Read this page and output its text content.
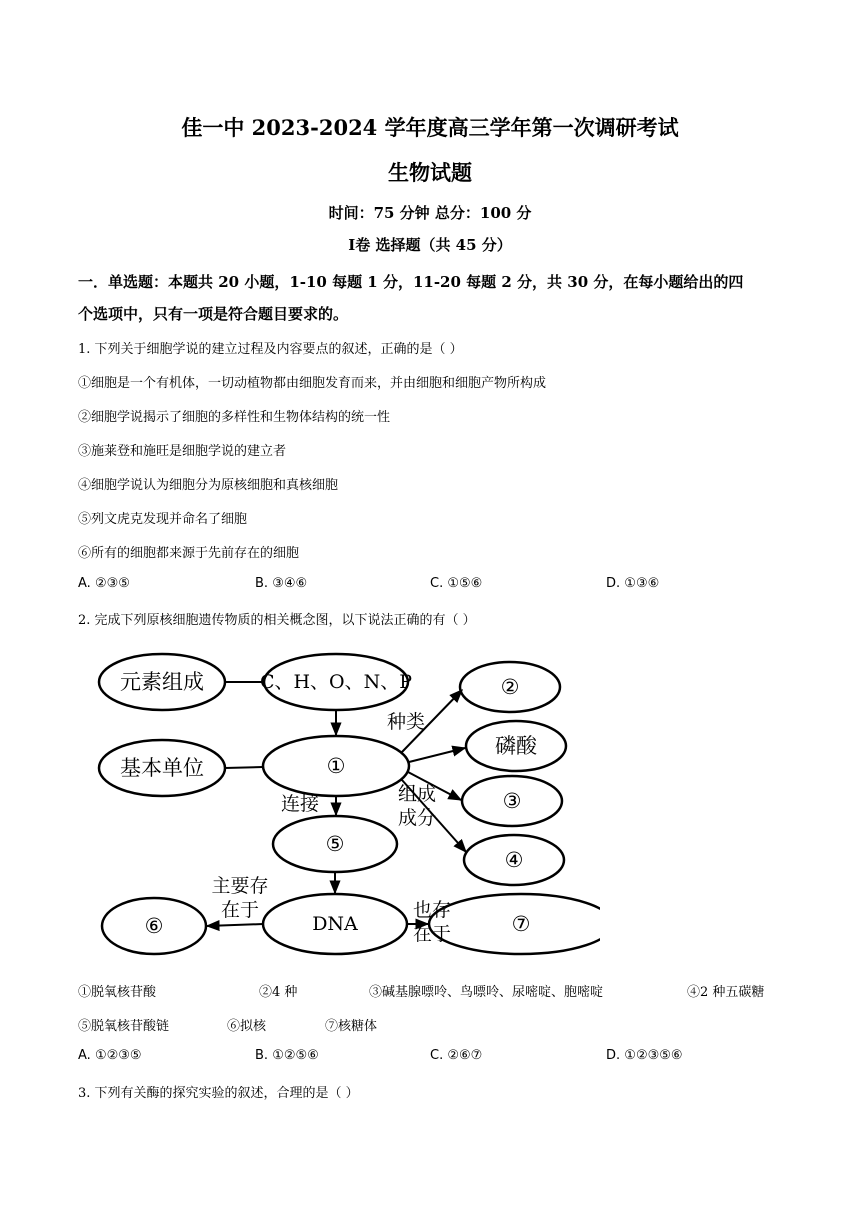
佳一中 2023-2024 学年度高三学年第一次调研考试
生物试题
时间：75 分钟 总分：100 分
Ⅰ卷 选择题（共 45 分）
一．单选题：本题共 20 小题，1-10 每题 1 分，11-20 每题 2 分，共 30 分，在每小题给出的四
个选项中，只有一项是符合题目要求的。
1. 下列关于细胞学说的建立过程及内容要点的叙述，正确的是（ ）
①细胞是一个有机体，一切动植物都由细胞发育而来，并由细胞和细胞产物所构成
②细胞学说揭示了细胞的多样性和生物体结构的统一性
③施莱登和施旺是细胞学说的建立者
④细胞学说认为细胞分为原核细胞和真核细胞
⑤列文虎克发现并命名了细胞
⑥所有的细胞都来源于先前存在的细胞
A. ②③⑤	B. ③④⑥	C. ①⑤⑥	D. ①③⑥
2. 完成下列原核细胞遗传物质的相关概念图，以下说法正确的有（ ）
元素组成	C、H、O、N、P
基本单位	①
②
磷酸
③
④
⑤
DNA
⑥	⑦
种类
连接	组成
成分
主要存
在于	也存
在于
①脱氧核苷酸	②4 种	③碱基腺嘌呤、鸟嘌呤、尿嘧啶、胞嘧啶	④2 种五碳糖
⑤脱氧核苷酸链	⑥拟核	⑦核糖体
A. ①②③⑤	B. ①②⑤⑥	C. ②⑥⑦	D. ①②③⑤⑥
3. 下列有关酶的探究实验的叙述，合理的是（ ）
